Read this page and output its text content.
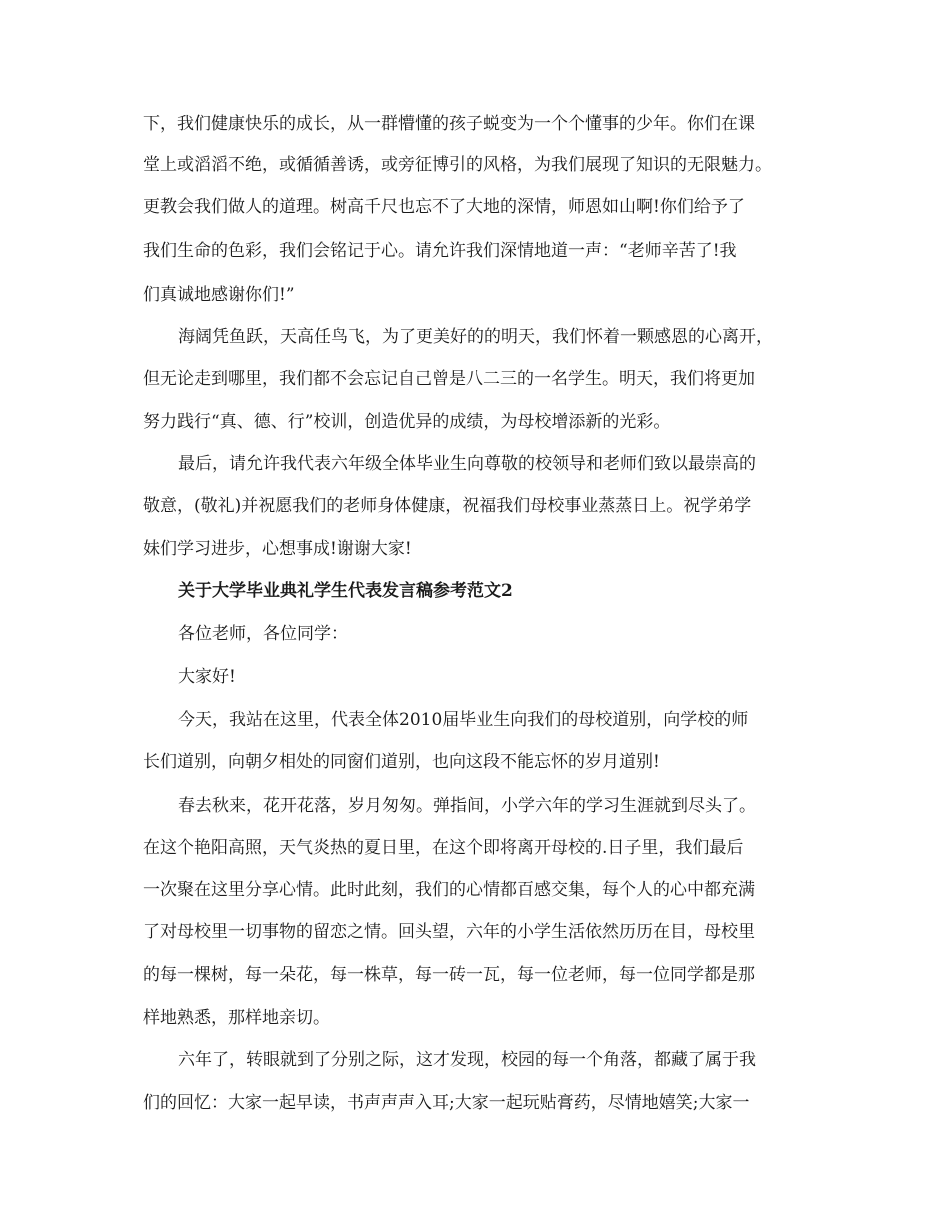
下，我们健康快乐的成长，从一群懵懂的孩子蜕变为一个个懂事的少年。你们在课

堂上或滔滔不绝，或循循善诱，或旁征博引的风格，为我们展现了知识的无限魅力。

更教会我们做人的道理。树高千尺也忘不了大地的深情，师恩如山啊!你们给予了

我们生命的色彩，我们会铭记于心。请允许我们深情地道一声：“老师辛苦了!我

们真诚地感谢你们!”

海阔凭鱼跃，天高任鸟飞，为了更美好的的明天，我们怀着一颗感恩的心离开，

但无论走到哪里，我们都不会忘记自己曾是八二三的一名学生。明天，我们将更加

努力践行“真、德、行”校训，创造优异的成绩，为母校增添新的光彩。

最后，请允许我代表六年级全体毕业生向尊敬的校领导和老师们致以最崇高的

敬意，(敬礼)并祝愿我们的老师身体健康，祝福我们母校事业蒸蒸日上。祝学弟学

妹们学习进步，心想事成!谢谢大家!

关于大学毕业典礼学生代表发言稿参考范文2

各位老师，各位同学：

大家好!

今天，我站在这里，代表全体2010届毕业生向我们的母校道别，向学校的师

长们道别，向朝夕相处的同窗们道别，也向这段不能忘怀的岁月道别!

春去秋来，花开花落，岁月匆匆。弹指间，小学六年的学习生涯就到尽头了。

在这个艳阳高照，天气炎热的夏日里，在这个即将离开母校的.日子里，我们最后

一次聚在这里分享心情。此时此刻，我们的心情都百感交集，每个人的心中都充满

了对母校里一切事物的留恋之情。回头望，六年的小学生活依然历历在目，母校里

的每一棵树，每一朵花，每一株草，每一砖一瓦，每一位老师，每一位同学都是那

样地熟悉，那样地亲切。

六年了，转眼就到了分别之际，这才发现，校园的每一个角落，都藏了属于我

们的回忆：大家一起早读，书声声声入耳;大家一起玩贴膏药，尽情地嬉笑;大家一
